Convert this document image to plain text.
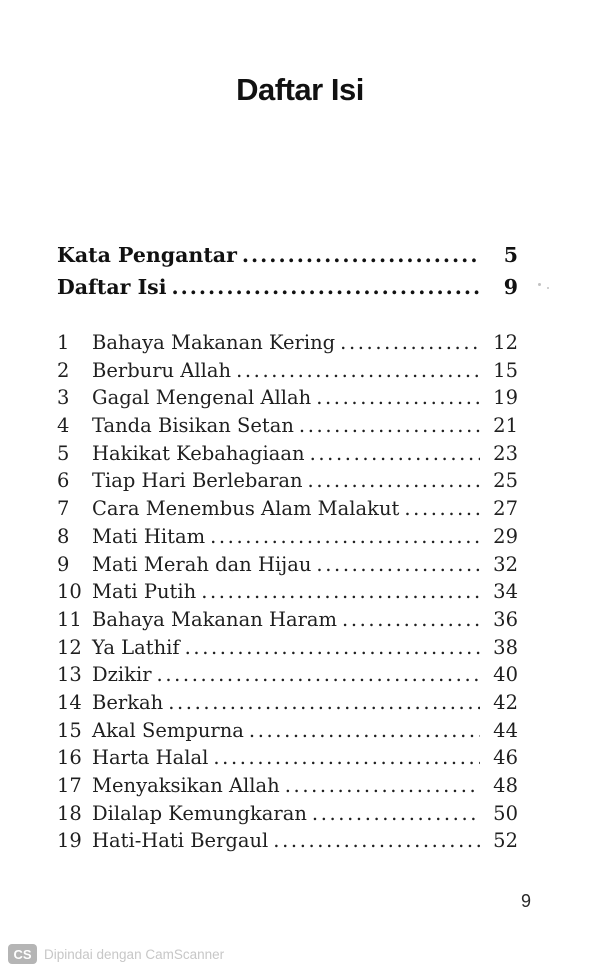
Daftar Isi
Kata Pengantar .....	5
Daftar Isi .....	9
1	Bahaya Makanan Kering .....	12
2	Berburu Allah .....	15
3	Gagal Mengenal Allah .....	19
4	Tanda Bisikan Setan .....	21
5	Hakikat Kebahagiaan .....	23
6	Tiap Hari Berlebaran .....	25
7	Cara Menembus Alam Malakut .....	27
8	Mati Hitam .....	29
9	Mati Merah dan Hijau .....	32
10 Mati Putih .....	34
11 Bahaya Makanan Haram .....	36
12 Ya Lathif .....	38
13 Dzikir .....	40
14 Berkah .....	42
15 Akal Sempurna .....	44
16 Harta Halal .....	46
17 Menyaksikan Allah .....	48
18 Dilalap Kemungkaran .....	50
19 Hati-Hati Bergaul .....	52
9
CS Dipindai dengan CamScanner
